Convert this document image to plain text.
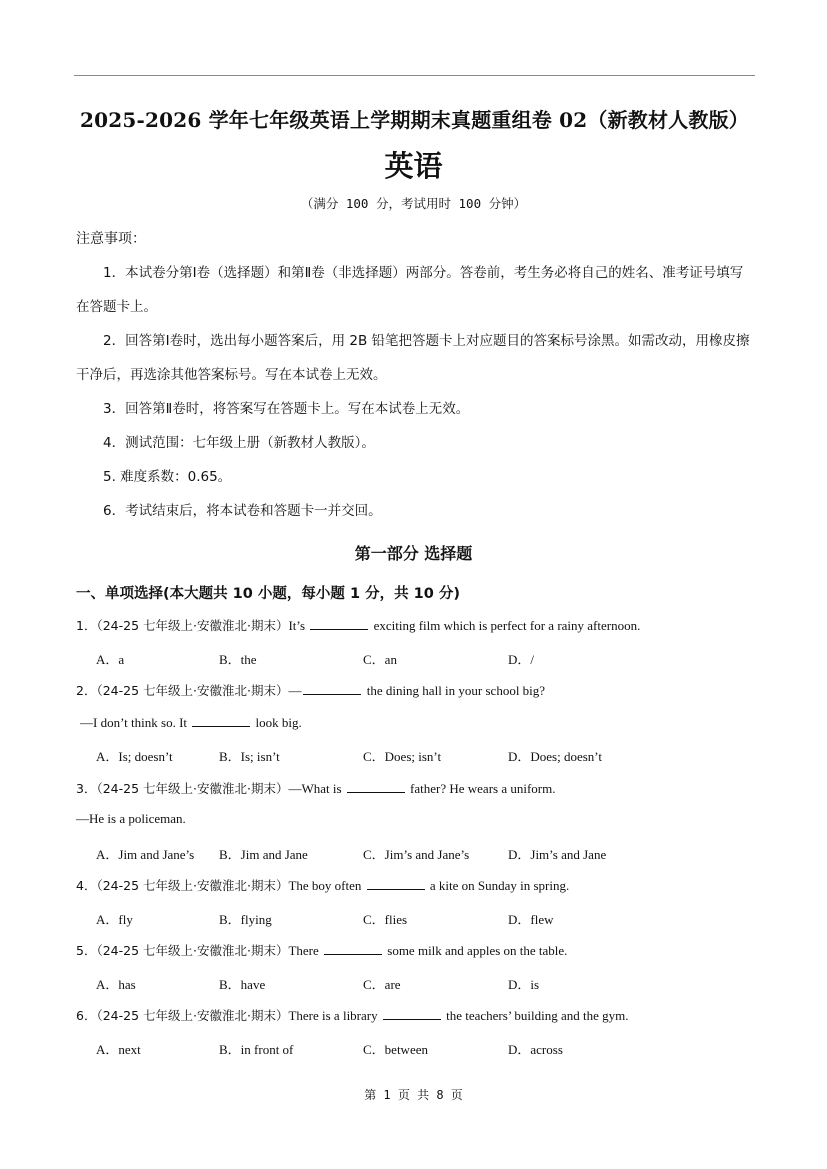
2025-2026 学年七年级英语上学期期末真题重组卷 02（新教材人教版）
英语
（满分 100 分，考试用时 100 分钟）
注意事项：

1．本试卷分第Ⅰ卷（选择题）和第Ⅱ卷（非选择题）两部分。答卷前，考生务必将自己的姓名、准考证号填写在答题卡上。

2．回答第Ⅰ卷时，选出每小题答案后，用 2B 铅笔把答题卡上对应题目的答案标号涂黑。如需改动，用橡皮擦干净后，再选涂其他答案标号。写在本试卷上无效。

3．回答第Ⅱ卷时，将答案写在答题卡上。写在本试卷上无效。

4．测试范围：七年级上册（新教材人教版）。

5. 难度系数：0.65。

6．考试结束后，将本试卷和答题卡一并交回。

第一部分 选择题
一、单项选择(本大题共 10 小题，每小题 1 分，共 10 分)
1．（24-25 七年级上·安徽淮北·期末）It’s	exciting film which is perfect for a rainy afternoon.
A．a	B．the	C．an	D．/
2．（24-25 七年级上·安徽淮北·期末）—	the dining hall in your school big?
—I don’t think so. It	look big.
A．Is; doesn’t	B．Is; isn’t	C．Does; isn’t	D．Does; doesn’t
3．（24-25 七年级上·安徽淮北·期末）—What is	father? He wears a uniform.
—He is a policeman.
A．Jim and Jane’s B．Jim and Jane	C．Jim’s and Jane’s	D．Jim’s and Jane
4．（24-25 七年级上·安徽淮北·期末）The boy often	a kite on Sunday in spring.
A．fly	B．flying	C．flies	D．flew
5．（24-25 七年级上·安徽淮北·期末）There	some milk and apples on the table.
A．has	B．have	C．are	D．is
6．（24-25 七年级上·安徽淮北·期末）There is a library	the teachers’ building and the gym.
A．next	B．in front of	C．between	D．across
第 1 页 共 8 页
